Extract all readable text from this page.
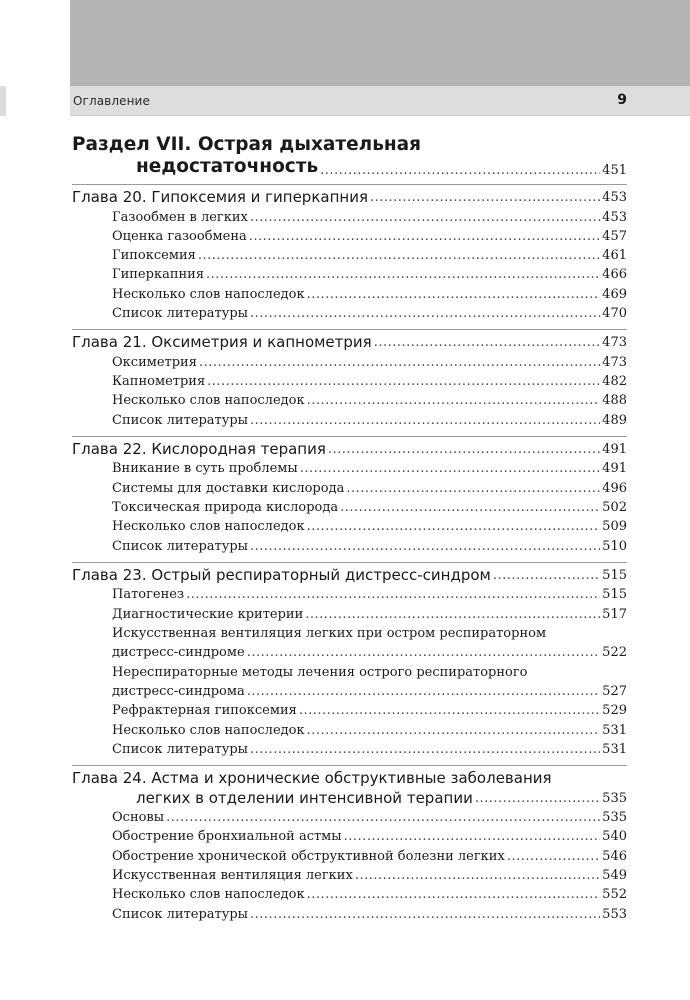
Оглавление	9
Раздел VII. Острая дыхательная
недостаточность .....	451
Глава 20. Гипоксемия и гиперкапния .....	453
Газообмен в легких .....	453
Оценка газообмена .....	457
Гипоксемия .....	461
Гиперкапния .....	466
Несколько слов напоследок .....	469
Список литературы .....	470
Глава 21. Оксиметрия и капнометрия .....	473
Оксиметрия .....	473
Капнометрия .....	482
Несколько слов напоследок .....	488
Список литературы .....	489
Глава 22. Кислородная терапия .....	491
Вникание в суть проблемы .....	491
Системы для доставки кислорода .....	496
Токсическая природа кислорода .....	502
Несколько слов напоследок .....	509
Список литературы .....	510
Глава 23. Острый респираторный дистресс-синдром .....	515
Патогенез .....	515
Диагностические критерии .....	517
Искусственная вентиляция легких при остром респираторном
дистресс-синдроме .....	522
Нереспираторные методы лечения острого респираторного
дистресс-синдрома .....	527
Рефрактерная гипоксемия .....	529
Несколько слов напоследок .....	531
Список литературы .....	531
Глава 24. Астма и хронические обструктивные заболевания
легких в отделении интенсивной терапии .....	535
Основы .....	535
Обострение бронхиальной астмы .....	540
Обострение хронической обструктивной болезни легких .....	546
Искусственная вентиляция легких .....	549
Несколько слов напоследок .....	552
Список литературы .....	553
